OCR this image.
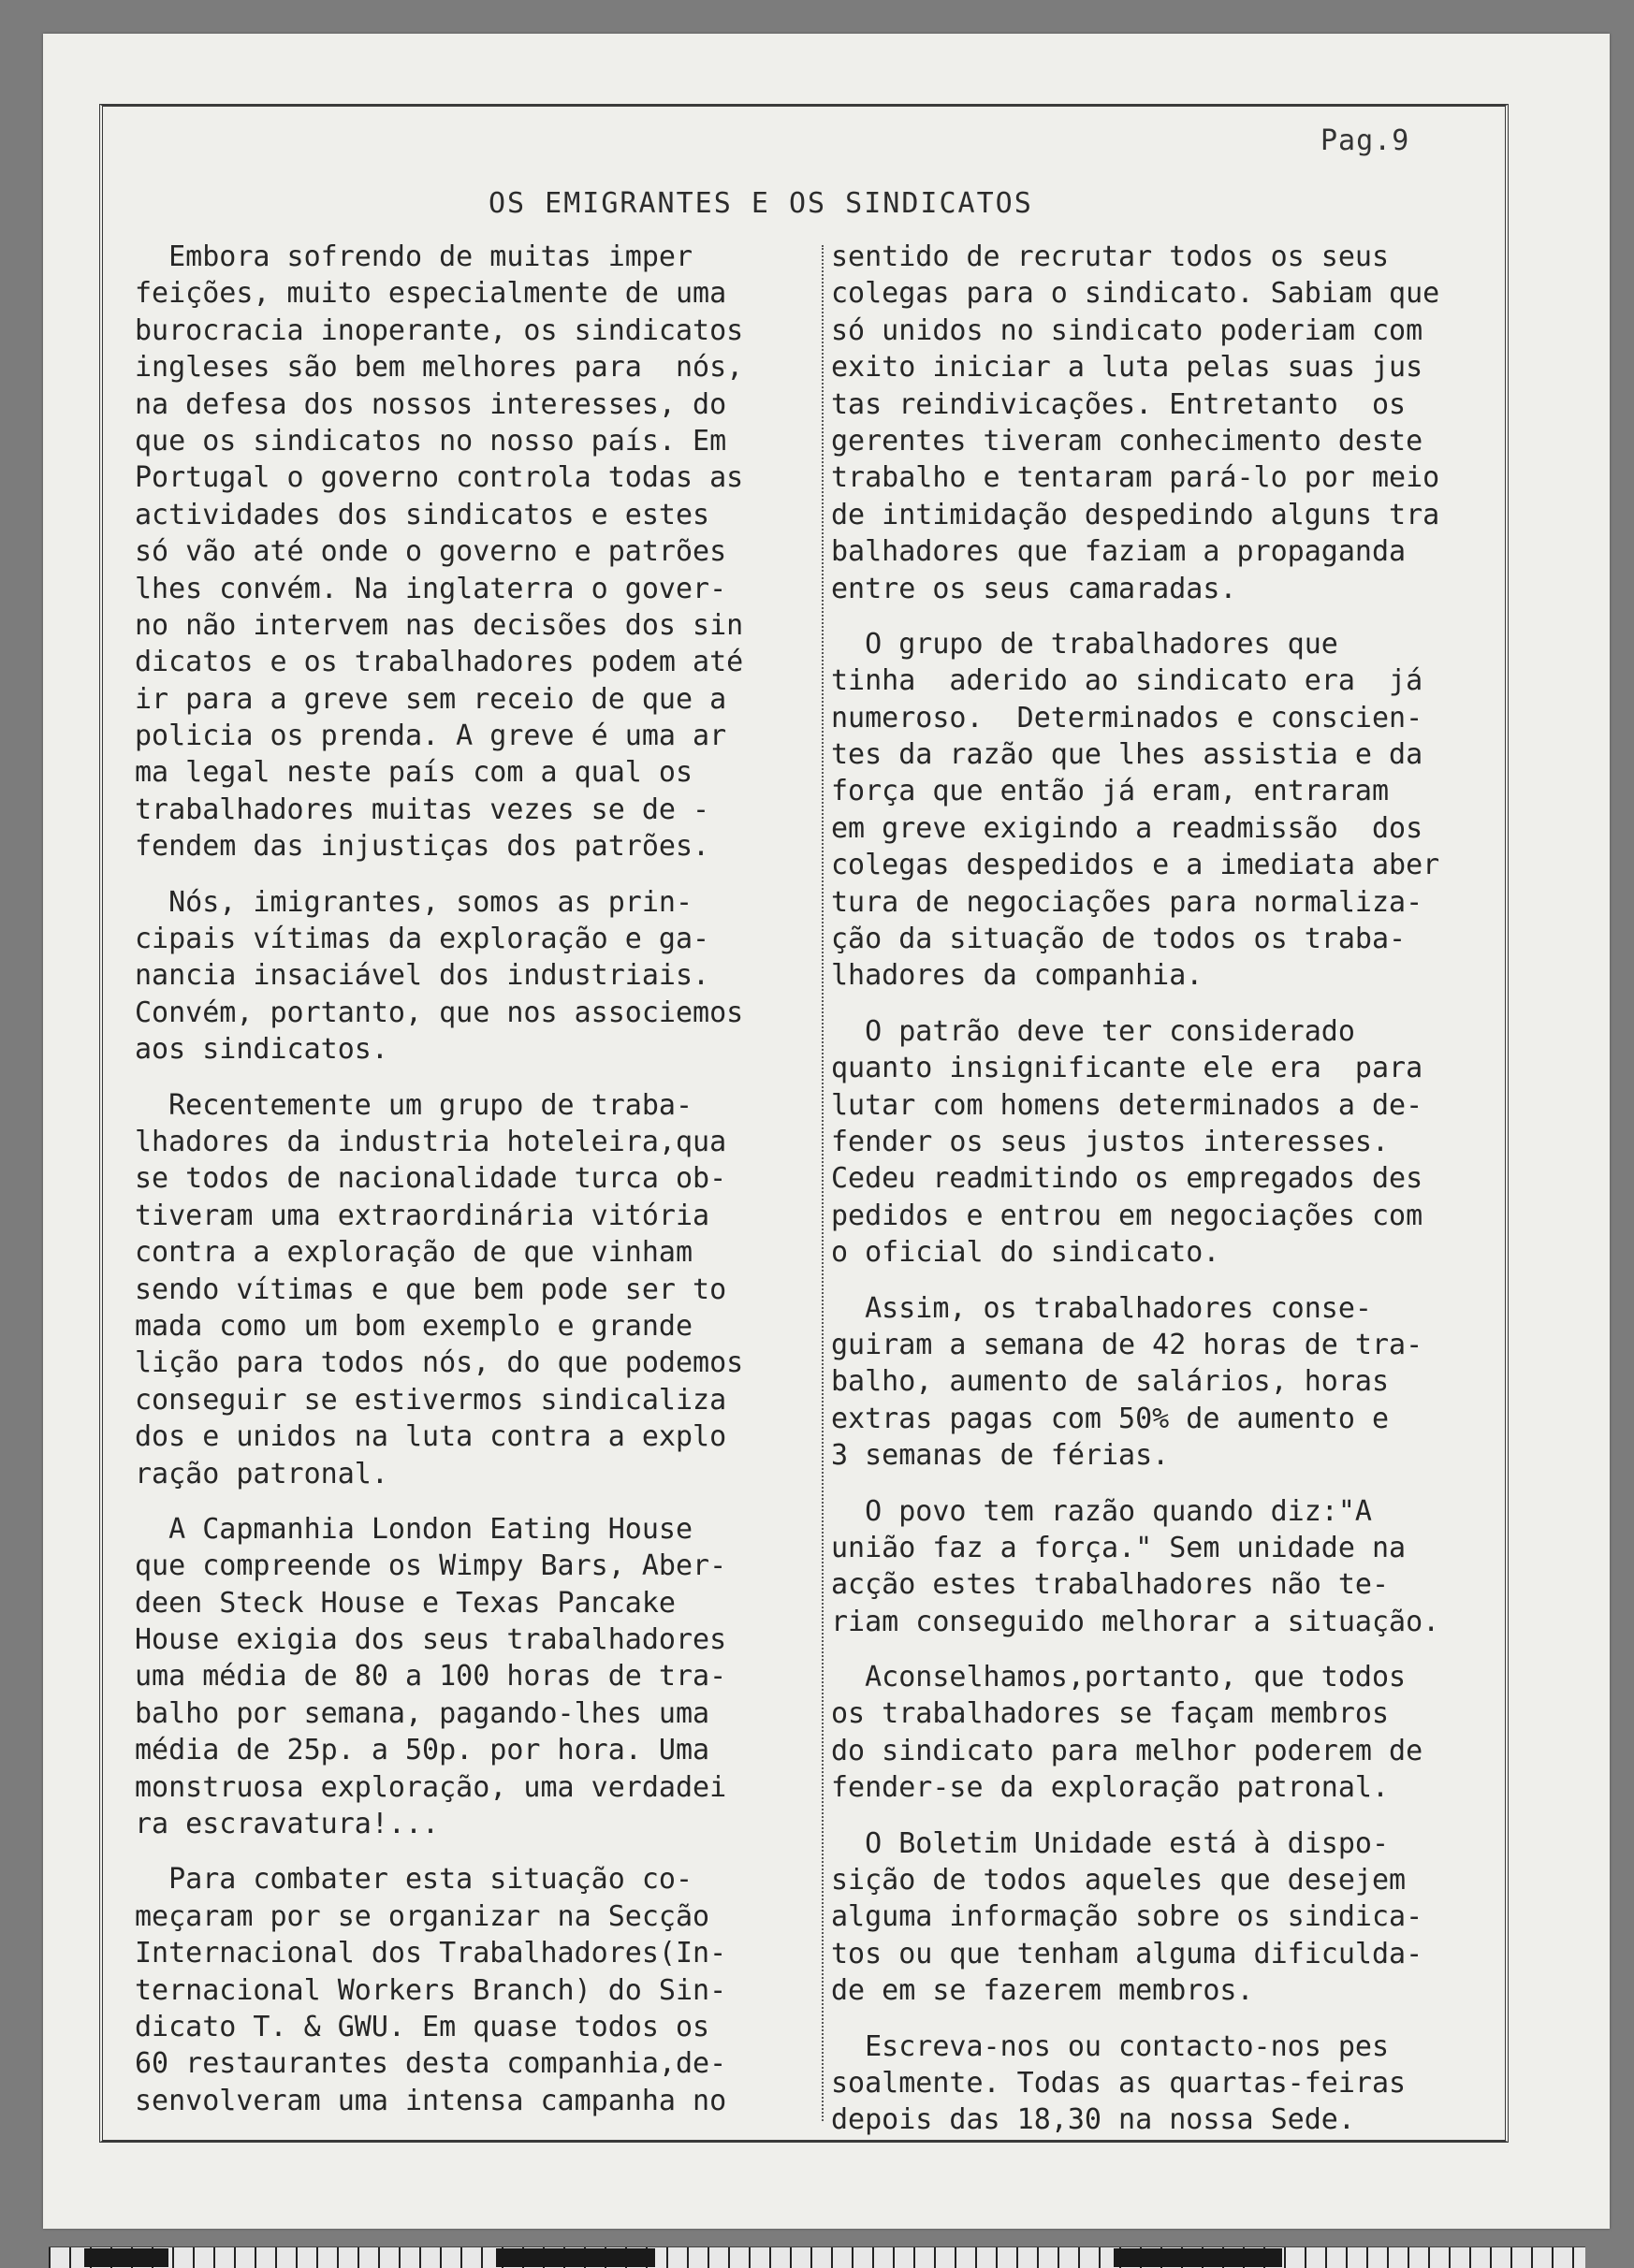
Pag.9
OS EMIGRANTES E OS SINDICATOS
Embora sofrendo de muitas imper
feições, muito especialmente de uma
burocracia inoperante, os sindicatos
ingleses são bem melhores para  nós,
na defesa dos nossos interesses, do
que os sindicatos no nosso país. Em
Portugal o governo controla todas as
actividades dos sindicatos e estes
só vão até onde o governo e patrões
lhes convém. Na inglaterra o gover-
no não intervem nas decisões dos sin
dicatos e os trabalhadores podem até
ir para a greve sem receio de que a
policia os prenda. A greve é uma ar
ma legal neste país com a qual os
trabalhadores muitas vezes se de -
fendem das injustiças dos patrões.
Nós, imigrantes, somos as prin-
cipais vítimas da exploração e ga-
nancia insaciável dos industriais.
Convém, portanto, que nos associemos
aos sindicatos.
Recentemente um grupo de traba-
lhadores da industria hoteleira,qua
se todos de nacionalidade turca ob-
tiveram uma extraordinária vitória
contra a exploração de que vinham
sendo vítimas e que bem pode ser to
mada como um bom exemplo e grande
lição para todos nós, do que podemos
conseguir se estivermos sindicaliza
dos e unidos na luta contra a explo
ração patronal.
A Capmanhia London Eating House
que compreende os Wimpy Bars, Aber-
deen Steck House e Texas Pancake
House exigia dos seus trabalhadores
uma média de 80 a 100 horas de tra-
balho por semana, pagando-lhes uma
média de 25p. a 50p. por hora. Uma
monstruosa exploração, uma verdadei
ra escravatura!...
Para combater esta situação co-
meçaram por se organizar na Secção
Internacional dos Trabalhadores(In-
ternacional Workers Branch) do Sin-
dicato T. & GWU. Em quase todos os
60 restaurantes desta companhia,de-
senvolveram uma intensa campanha no
sentido de recrutar todos os seus
colegas para o sindicato. Sabiam que
só unidos no sindicato poderiam com
exito iniciar a luta pelas suas jus
tas reindivicações. Entretanto  os
gerentes tiveram conhecimento deste
trabalho e tentaram pará-lo por meio
de intimidação despedindo alguns tra
balhadores que faziam a propaganda
entre os seus camaradas.
O grupo de trabalhadores que
tinha  aderido ao sindicato era  já
numeroso.  Determinados e conscien-
tes da razão que lhes assistia e da
força que então já eram, entraram
em greve exigindo a readmissão  dos
colegas despedidos e a imediata aber
tura de negociações para normaliza-
ção da situação de todos os traba-
lhadores da companhia.
O patrão deve ter considerado
quanto insignificante ele era  para
lutar com homens determinados a de-
fender os seus justos interesses.
Cedeu readmitindo os empregados des
pedidos e entrou em negociações com
o oficial do sindicato.
Assim, os trabalhadores conse-
guiram a semana de 42 horas de tra-
balho, aumento de salários, horas
extras pagas com 50% de aumento e
3 semanas de férias.
O povo tem razão quando diz:"A
união faz a força." Sem unidade na
acção estes trabalhadores não te-
riam conseguido melhorar a situação.
Aconselhamos,portanto, que todos
os trabalhadores se façam membros
do sindicato para melhor poderem de
fender-se da exploração patronal.
O Boletim Unidade está à dispo-
sição de todos aqueles que desejem
alguma informação sobre os sindica-
tos ou que tenham alguma dificulda-
de em se fazerem membros.
Escreva-nos ou contacto-nos pes
soalmente. Todas as quartas-feiras
depois das 18,30 na nossa Sede.
